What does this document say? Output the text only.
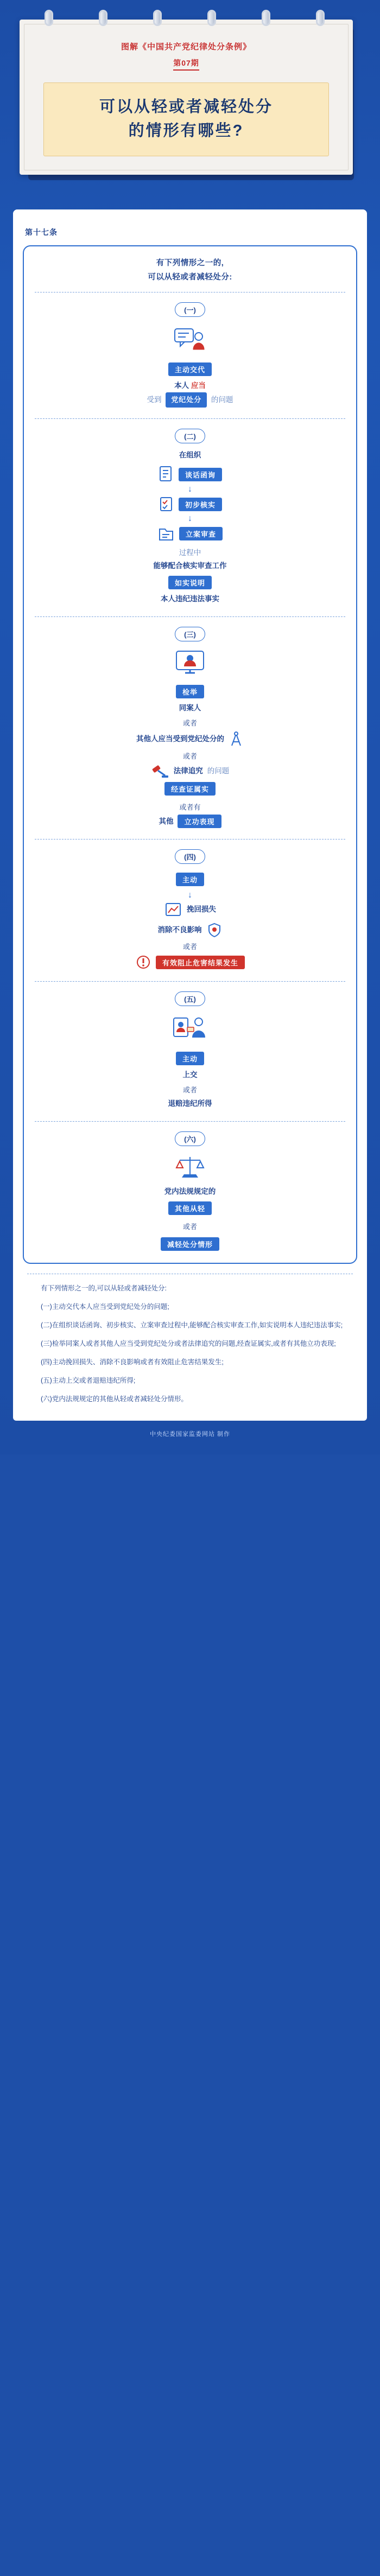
图解《中国共产党纪律处分条例》
第07期
可以从轻或者减轻处分
的情形有哪些?
第十七条
有下列情形之一的,
可以从轻或者减轻处分:
(一)
主动交代
本人 应当
受到 党纪处分 的问题
(二)
在组织
谈话函询
↓
初步核实
↓
立案审查
过程中
能够配合核实审查工作
如实说明
本人违纪违法事实
(三)
检举
同案人
或者
其他人应当受到党纪处分的
或者
法律追究 的问题
经查证属实
或者有
其他	立功表现
(四)
主动
↓
挽回损失
消除不良影响
或者
有效阻止危害结果发生
(五)
主动
上交
或者
退赔违纪所得
(六)
党内法规规定的
其他从轻
或者
减轻处分情形

有下列情形之一的,可以从轻或者减轻处分:

(一)主动交代本人应当受到党纪处分的问题;

(二)在组织谈话函询、初步核实、立案审查过程中,能够配合核实审查工作,如实说明本人违纪违法事实;

(三)检举同案人或者其他人应当受到党纪处分或者法律追究的问题,经查证属实,或者有其他立功表现;

(四)主动挽回损失、消除不良影响或者有效阻止危害结果发生;

(五)主动上交或者退赔违纪所得;

(六)党内法规规定的其他从轻或者减轻处分情形。

中央纪委国家监委网站 制作
